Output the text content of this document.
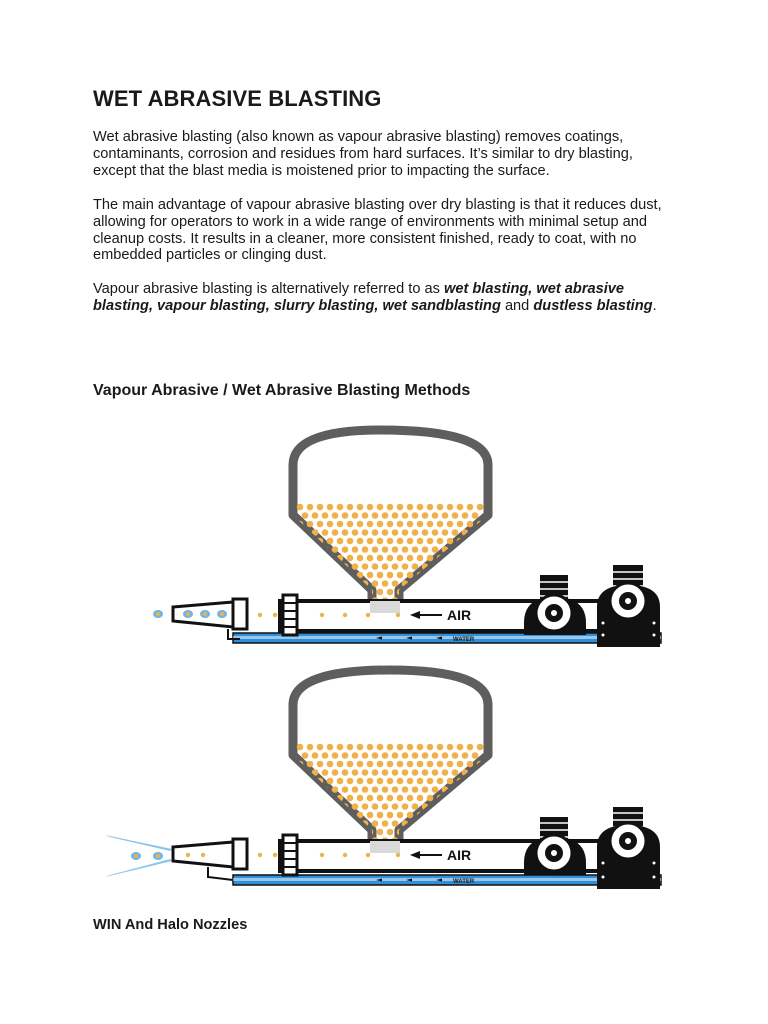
WET ABRASIVE BLASTING

Wet abrasive blasting (also known as vapour abrasive blasting) removes coatings, contaminants, corrosion and residues from hard surfaces. It’s similar to dry blasting, except that the blast media is moistened prior to impacting the surface.

The main advantage of vapour abrasive blasting over dry blasting is that it reduces dust, allowing for operators to work in a wide range of environments with minimal setup and cleanup costs. It results in a cleaner, more consistent finished, ready to coat, with no embedded particles or clinging dust.

Vapour abrasive blasting is alternatively referred to as wet blasting, wet abrasive blasting, vapour blasting, slurry blasting, wet sandblasting and dustless blasting.

Vapour Abrasive / Wet Abrasive Blasting Methods
WIN And Halo Nozzles
WATER
AIR
WATER
AIR
